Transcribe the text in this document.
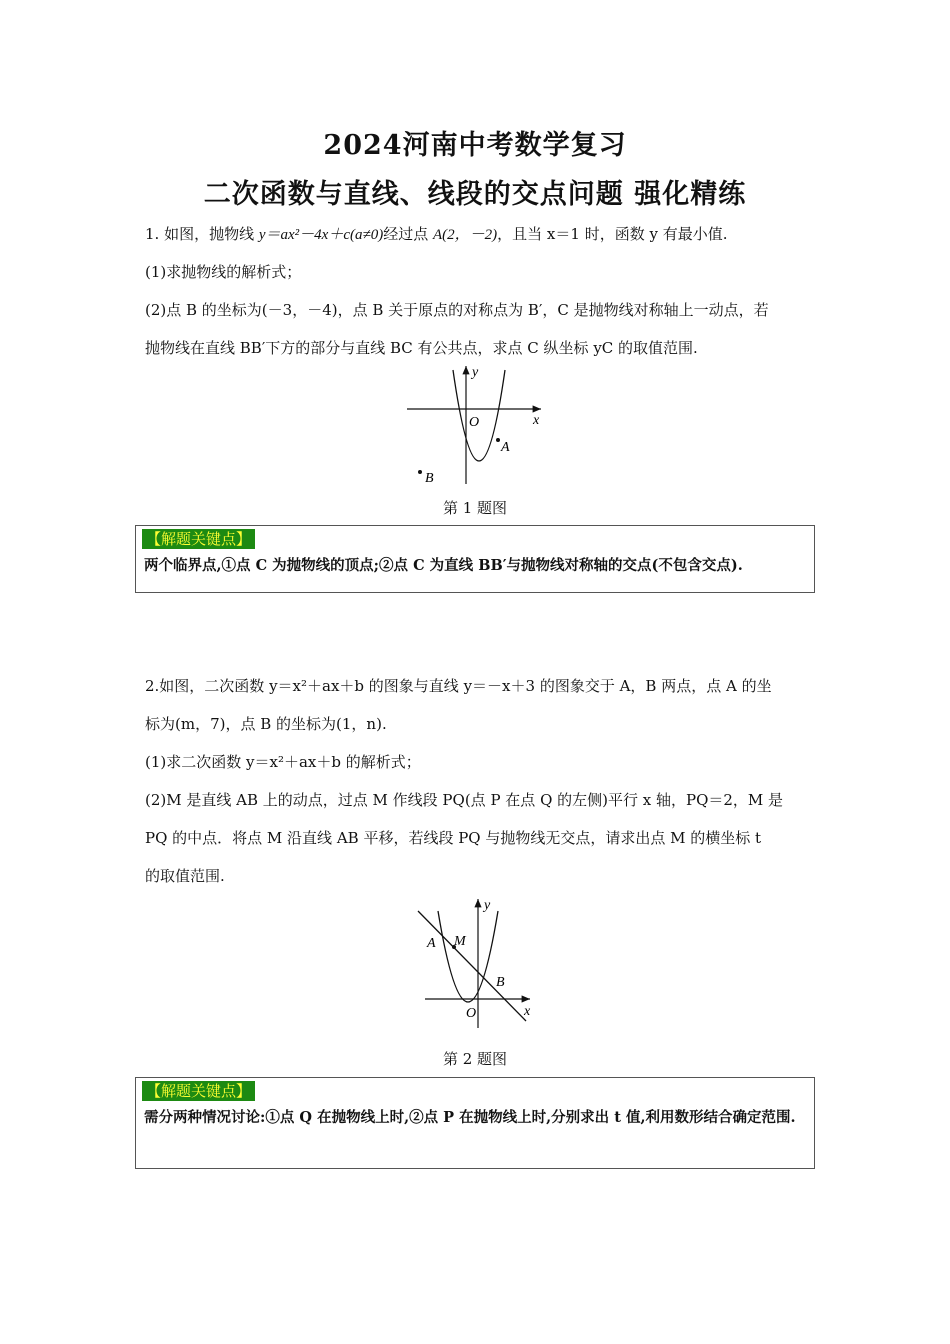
2024河南中考数学复习
二次函数与直线、线段的交点问题 强化精练
1. 如图，抛物线 y＝ax²－4x＋c(a≠0)经过点 A(2，－2)，且当 x＝1 时，函数 y 有最小值.
(1)求抛物线的解析式；
(2)点 B 的坐标为(－3，－4)，点 B 关于原点的对称点为 B′，C 是抛物线对称轴上一动点，若
抛物线在直线 BB′下方的部分与直线 BC 有公共点，求点 C 纵坐标 yC 的取值范围.
y
x
O
A
B
第 1 题图
【解题关键点】
两个临界点,①点 C 为抛物线的顶点;②点 C 为直线 BB′与抛物线对称轴的交点(不包含交点).
2.如图，二次函数 y＝x²＋ax＋b 的图象与直线 y＝－x＋3 的图象交于 A，B 两点，点 A 的坐
标为(m，7)，点 B 的坐标为(1，n).
(1)求二次函数 y＝x²＋ax＋b 的解析式；
(2)M 是直线 AB 上的动点，过点 M 作线段 PQ(点 P 在点 Q 的左侧)平行 x 轴，PQ＝2，M 是
PQ 的中点．将点 M 沿直线 AB 平移，若线段 PQ 与抛物线无交点，请求出点 M 的横坐标 t
的取值范围.
y
x
O
A M
B
第 2 题图
【解题关键点】
需分两种情况讨论:①点 Q 在抛物线上时,②点 P 在抛物线上时,分别求出 t 值,利用数形结合确定范围.
